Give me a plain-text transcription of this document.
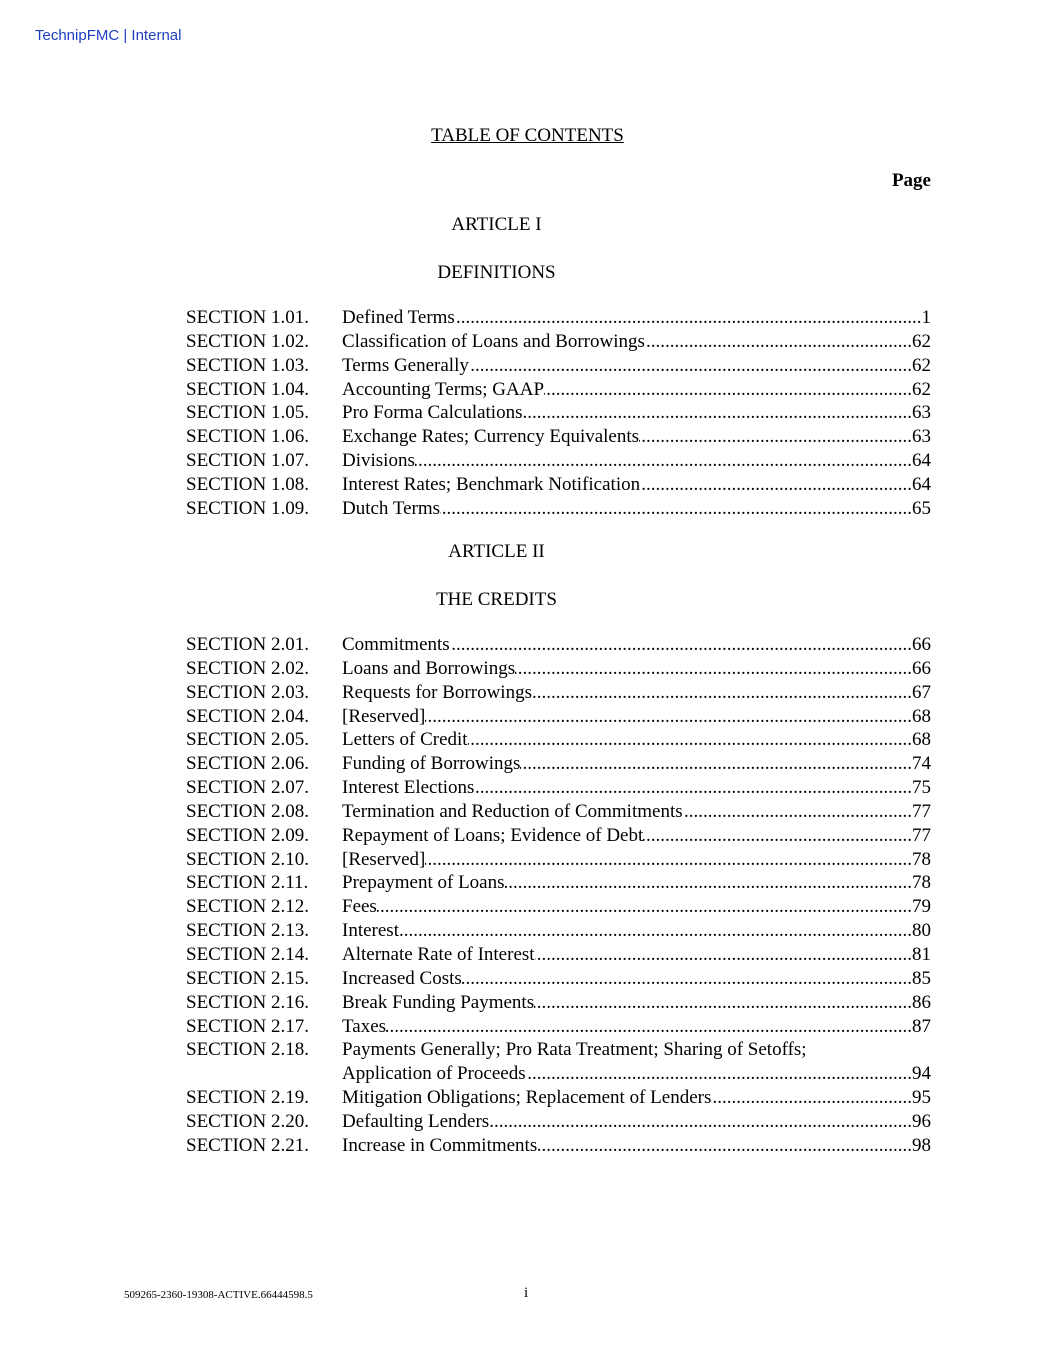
TechnipFMC | Internal
TABLE OF CONTENTS
Page
ARTICLE I
DEFINITIONS
SECTION 1.01.	Defined Terms .....	1
SECTION 1.02.	Classification of Loans and Borrowings .....	62
SECTION 1.03.	Terms Generally .....	62
SECTION 1.04.	Accounting Terms; GAAP .....	62
SECTION 1.05.	Pro Forma Calculations .....	63
SECTION 1.06.	Exchange Rates; Currency Equivalents .....	63
SECTION 1.07.	Divisions .....	64
SECTION 1.08.	Interest Rates; Benchmark Notification .....	64
SECTION 1.09.	Dutch Terms .....	65
ARTICLE II
THE CREDITS
SECTION 2.01.	Commitments .....	66
SECTION 2.02.	Loans and Borrowings .....	66
SECTION 2.03.	Requests for Borrowings .....	67
SECTION 2.04.	[Reserved] .....	68
SECTION 2.05.	Letters of Credit .....	68
SECTION 2.06.	Funding of Borrowings .....	74
SECTION 2.07.	Interest Elections .....	75
SECTION 2.08.	Termination and Reduction of Commitments .....	77
SECTION 2.09.	Repayment of Loans; Evidence of Debt .....	77
SECTION 2.10.	[Reserved] .....	78
SECTION 2.11.	Prepayment of Loans .....	78
SECTION 2.12.	Fees .....	79
SECTION 2.13.	Interest .....	80
SECTION 2.14.	Alternate Rate of Interest .....	81
SECTION 2.15.	Increased Costs .....	85
SECTION 2.16.	Break Funding Payments .....	86
SECTION 2.17.	Taxes .....	87
SECTION 2.18.	Payments Generally; Pro Rata Treatment; Sharing of Setoffs;
Application of Proceeds .....	94
SECTION 2.19.	Mitigation Obligations; Replacement of Lenders .....	95
SECTION 2.20.	Defaulting Lenders .....	96
SECTION 2.21.	Increase in Commitments .....	98
509265-2360-19308-ACTIVE.66444598.5	i
